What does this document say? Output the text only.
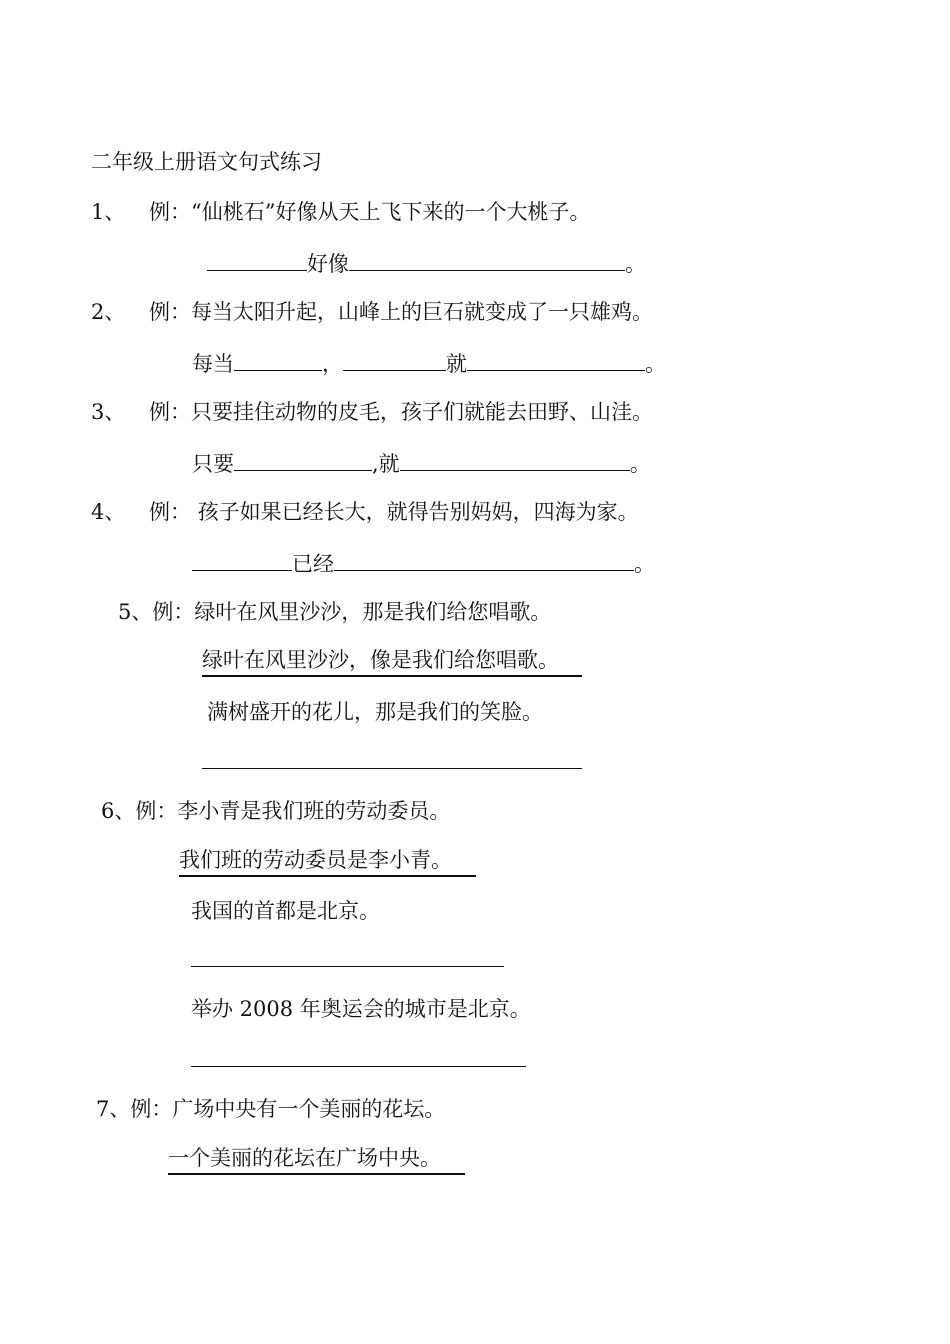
二年级上册语文句式练习
1、 例：“仙桃石”好像从天上飞下来的一个大桃子。
好像	。
2、 例：每当太阳升起，山峰上的巨石就变成了一只雄鸡。
每当	，	就	。
3、 例：只要挂住动物的皮毛，孩子们就能去田野、山洼。
只要	,就	。
4、 例： 孩子如果已经长大，就得告别妈妈，四海为家。
已经	。
5、例：绿叶在风里沙沙，那是我们给您唱歌。
绿叶在风里沙沙，像是我们给您唱歌。
满树盛开的花儿，那是我们的笑脸。
6、例：李小青是我们班的劳动委员。
我们班的劳动委员是李小青。
我国的首都是北京。
举办 2008 年奥运会的城市是北京。
7、例：广场中央有一个美丽的花坛。
一个美丽的花坛在广场中央。
